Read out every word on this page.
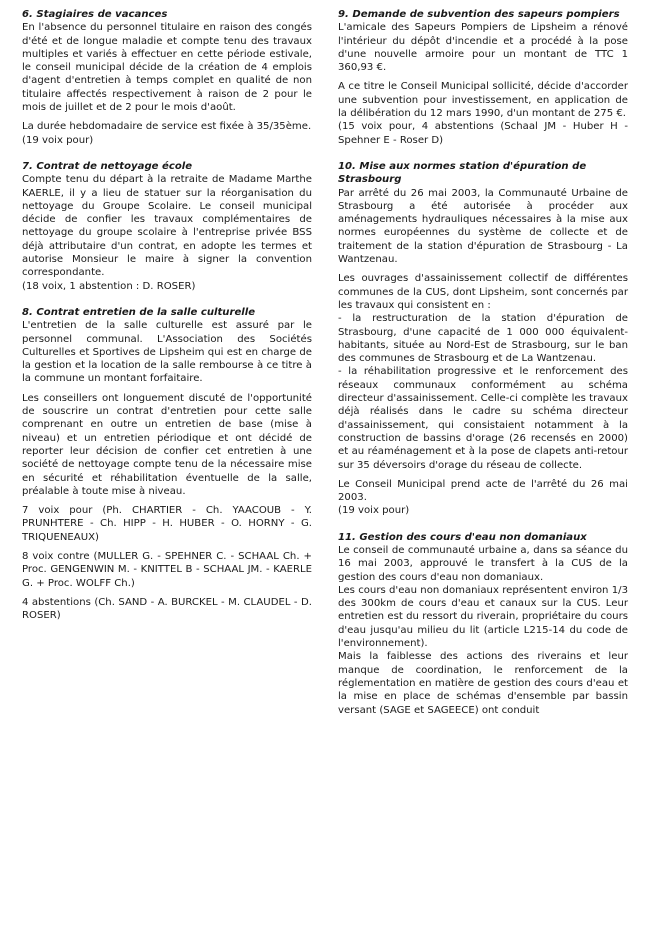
6. Stagiaires de vacances

En l'absence du personnel titulaire en raison des congés d'été et de longue maladie et compte tenu des travaux multiples et variés à effectuer en cette période estivale, le conseil municipal décide de la création de 4 emplois d'agent d'entretien à temps complet en qualité de non titulaire affectés respectivement à raison de 2 pour le mois de juillet et de 2 pour le mois d'août.

La durée hebdomadaire de service est fixée à 35/35ème.

(19 voix pour)

7. Contrat de nettoyage école

Compte tenu du départ à la retraite de Madame Marthe KAERLE, il y a lieu de statuer sur la réorganisation du nettoyage du Groupe Scolaire. Le conseil municipal décide de confier les travaux complémentaires de nettoyage du groupe scolaire à l'entreprise privée BSS déjà attributaire d'un contrat, en adopte les termes et autorise Monsieur le maire à signer la convention correspondante.

(18 voix, 1 abstention : D. ROSER)

8. Contrat entretien de la salle culturelle

L'entretien de la salle culturelle est assuré par le personnel communal. L'Association des Sociétés Culturelles et Sportives de Lipsheim qui est en charge de la gestion et la location de la salle rembourse à ce titre à la commune un montant forfaitaire.

Les conseillers ont longuement discuté de l'opportunité de souscrire un contrat d'entretien pour cette salle comprenant en outre un entretien de base (mise à niveau) et un entretien périodique et ont décidé de reporter leur décision de confier cet entretien à une société de nettoyage compte tenu de la nécessaire mise en sécurité et réhabilitation éventuelle de la salle, préalable à toute mise à niveau.

7 voix pour (Ph. CHARTIER - Ch. YAACOUB - Y. PRUNHTERE - Ch. HIPP - H. HUBER - O. HORNY - G. TRIQUENEAUX)

8 voix contre (MULLER G. - SPEHNER C. - SCHAAL Ch. + Proc. GENGENWIN M. - KNITTEL B - SCHAAL JM. - KAERLE G. + Proc. WOLFF Ch.)

4 abstentions (Ch. SAND - A. BURCKEL - M. CLAUDEL - D. ROSER)

9. Demande de subvention des sapeurs pompiers

L'amicale des Sapeurs Pompiers de Lipsheim a rénové l'intérieur du dépôt d'incendie et a procédé à la pose d'une nouvelle armoire pour un montant de TTC 1 360,93 €.

A ce titre le Conseil Municipal sollicité, décide d'accorder une subvention pour investissement, en application de la délibération du 12 mars 1990, d'un montant de 275 €.

(15 voix pour, 4 abstentions (Schaal JM - Huber H - Spehner E - Roser D)

10. Mise aux normes station d'épuration de Strasbourg

Par arrêté du 26 mai 2003, la Communauté Urbaine de Strasbourg a été autorisée à procéder aux aménagements hydrauliques nécessaires à la mise aux normes européennes du système de collecte et de traitement de la station d'épuration de Strasbourg - La Wantzenau.

Les ouvrages d'assainissement collectif de différentes communes de la CUS, dont Lipsheim, sont concernés par les travaux qui consistent en :

- la restructuration de la station d'épuration de Strasbourg, d'une capacité de 1 000 000 équivalent-habitants, située au Nord-Est de Strasbourg, sur le ban des communes de Strasbourg et de La Wantzenau.

- la réhabilitation progressive et le renforcement des réseaux communaux conformément au schéma directeur d'assainissement. Celle-ci complète les travaux déjà réalisés dans le cadre su schéma directeur d'assainissement, qui consistaient notamment à la construction de bassins d'orage (26 recensés en 2000) et au réaménagement et à la pose de clapets anti-retour sur 35 déversoirs d'orage du réseau de collecte.

Le Conseil Municipal prend acte de l'arrêté du 26 mai 2003.

(19 voix pour)

11. Gestion des cours d'eau non domaniaux

Le conseil de communauté urbaine a, dans sa séance du 16 mai 2003, approuvé le transfert à la CUS de la gestion des cours d'eau non domaniaux.

Les cours d'eau non domaniaux représentent environ 1/3 des 300km de cours d'eau et canaux sur la CUS. Leur entretien est du ressort du riverain, propriétaire du cours d'eau jusqu'au milieu du lit (article L215-14 du code de l'environnement).

Mais la faiblesse des actions des riverains et leur manque de coordination, le renforcement de la réglementation en matière de gestion des cours d'eau et la mise en place de schémas d'ensemble par bassin versant (SAGE et SAGEECE) ont conduit
